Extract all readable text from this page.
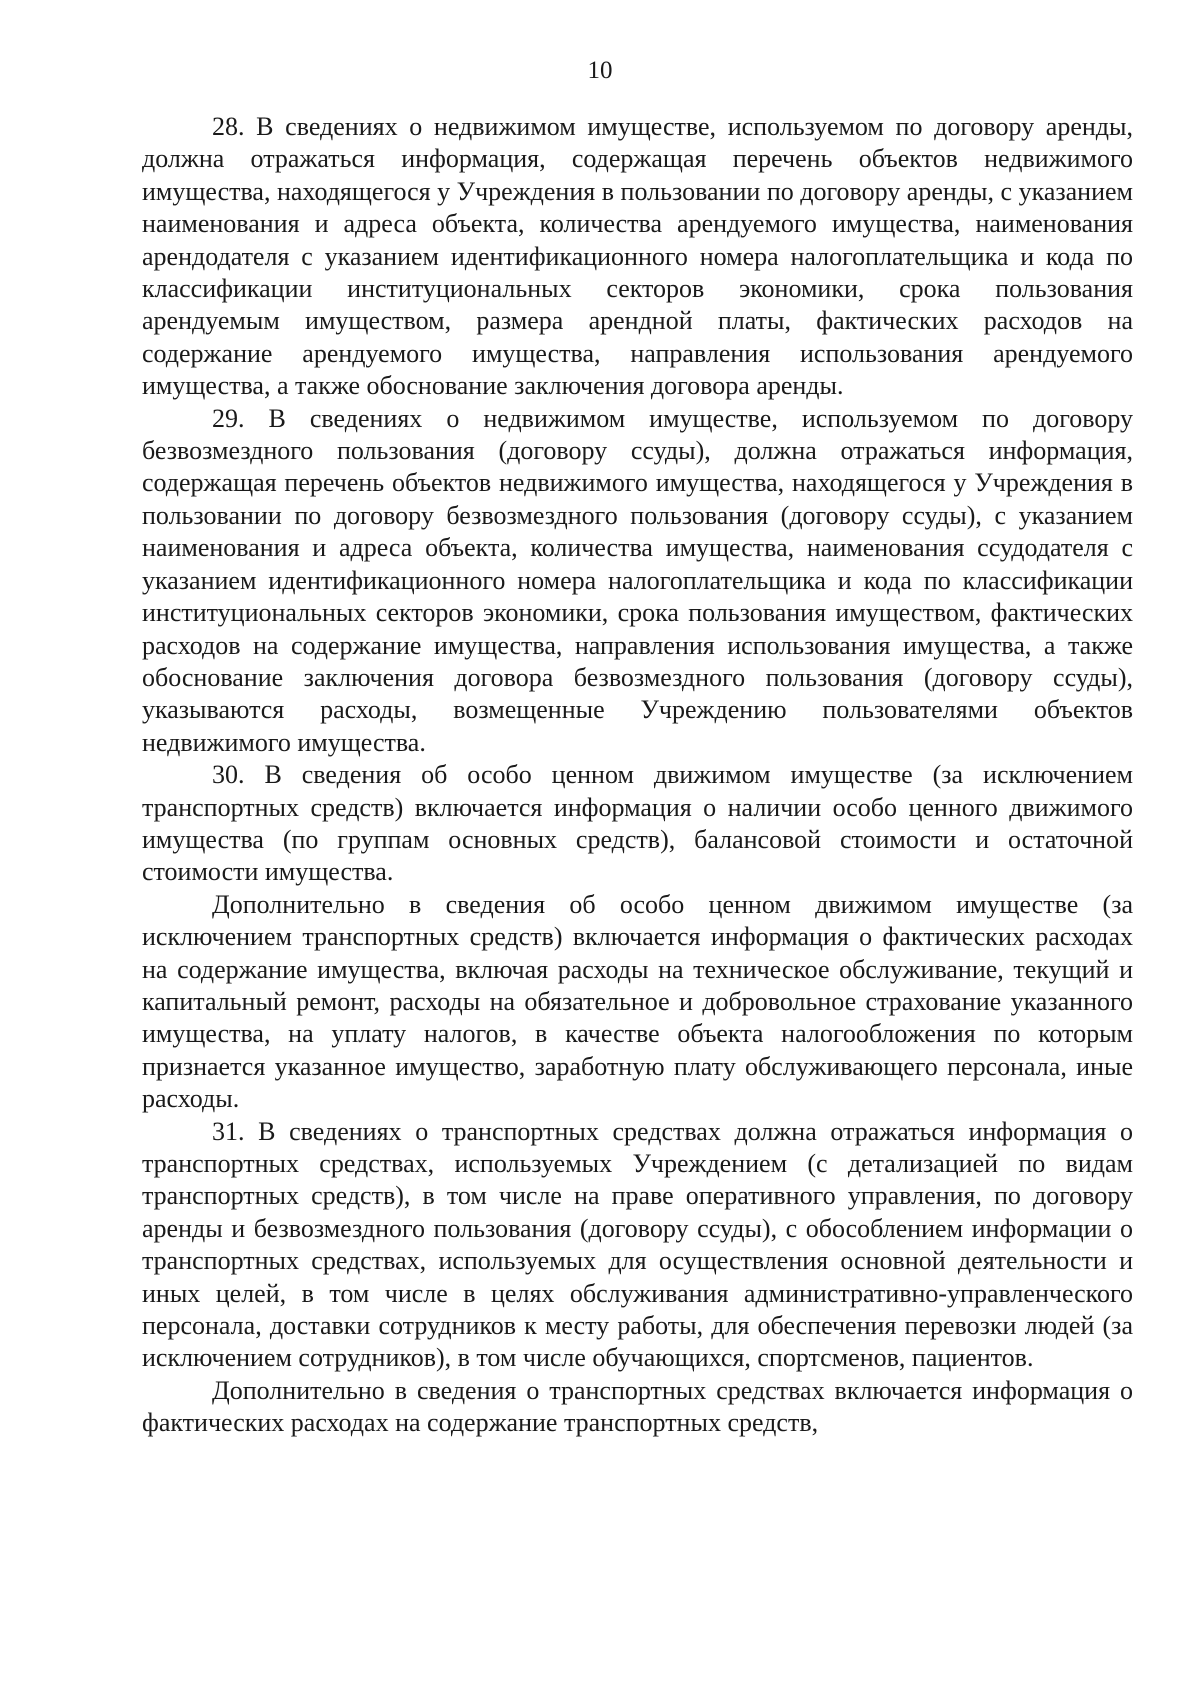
10

28. В сведениях о недвижимом имуществе, используемом по договору аренды, должна отражаться информация, содержащая перечень объектов недвижимого имущества, находящегося у Учреждения в пользовании по договору аренды, с указанием наименования и адреса объекта, количества арендуемого имущества, наименования арендодателя с указанием идентификационного номера налогоплательщика и кода по классификации институциональных секторов экономики, срока пользования арендуемым имуществом, размера арендной платы, фактических расходов на содержание арендуемого имущества, направления использования арендуемого имущества, а также обоснование заключения договора аренды.

29. В сведениях о недвижимом имуществе, используемом по договору безвозмездного пользования (договору ссуды), должна отражаться информация, содержащая перечень объектов недвижимого имущества, находящегося у Учреждения в пользовании по договору безвозмездного пользования (договору ссуды), с указанием наименования и адреса объекта, количества имущества, наименования ссудодателя с указанием идентификационного номера налогоплательщика и кода по классификации институциональных секторов экономики, срока пользования имуществом, фактических расходов на содержание имущества, направления использования имущества, а также обоснование заключения договора безвозмездного пользования (договору ссуды), указываются расходы, возмещенные Учреждению пользователями объектов недвижимого имущества.

30. В сведения об особо ценном движимом имуществе (за исключением транспортных средств) включается информация о наличии особо ценного движимого имущества (по группам основных средств), балансовой стоимости и остаточной стоимости имущества.

Дополнительно в сведения об особо ценном движимом имуществе (за исключением транспортных средств) включается информация о фактических расходах на содержание имущества, включая расходы на техническое обслуживание, текущий и капитальный ремонт, расходы на обязательное и добровольное страхование указанного имущества, на уплату налогов, в качестве объекта налогообложения по которым признается указанное имущество, заработную плату обслуживающего персонала, иные расходы.

31. В сведениях о транспортных средствах должна отражаться информация о транспортных средствах, используемых Учреждением (с детализацией по видам транспортных средств), в том числе на праве оперативного управления, по договору аренды и безвозмездного пользования (договору ссуды), с обособлением информации о транспортных средствах, используемых для осуществления основной деятельности и иных целей, в том числе в целях обслуживания административно-управленческого персонала, доставки сотрудников к месту работы, для обеспечения перевозки людей (за исключением сотрудников), в том числе обучающихся, спортсменов, пациентов.

Дополнительно в сведения о транспортных средствах включается информация о фактических расходах на содержание транспортных средств,
